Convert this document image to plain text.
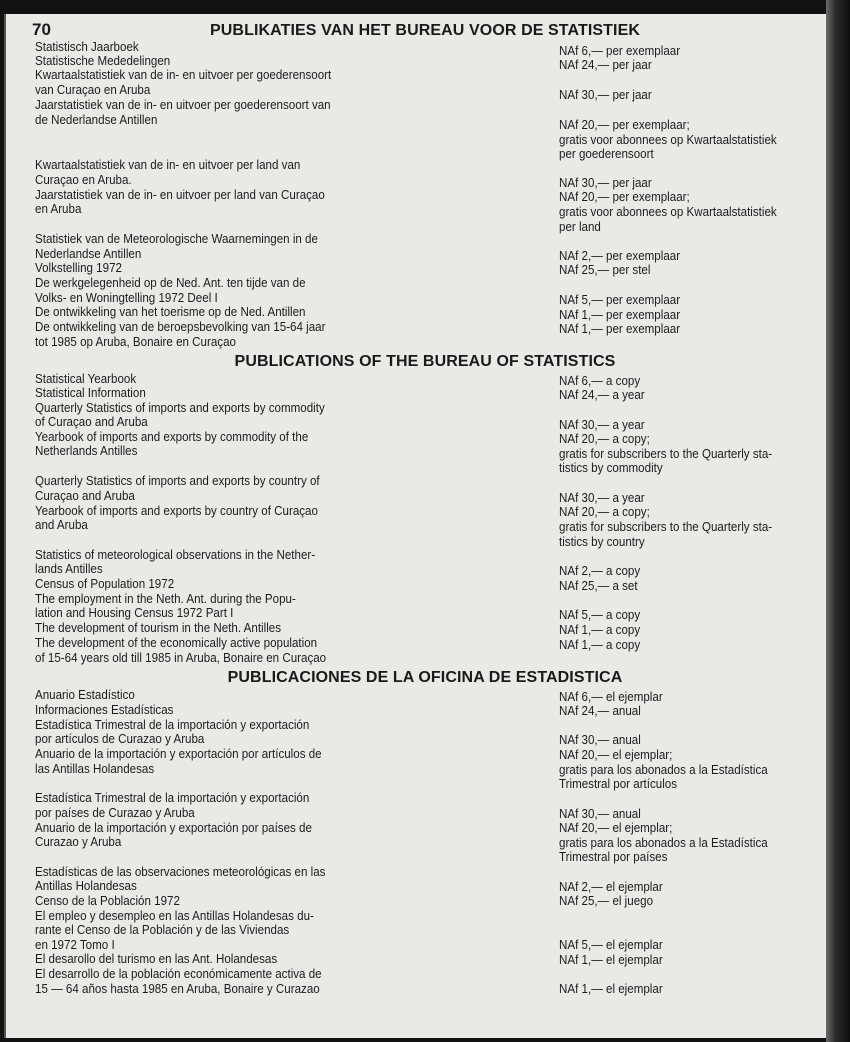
70	PUBLIKATIES VAN HET BUREAU VOOR DE STATISTIEK
PUBLICATIONS OF THE BUREAU OF STATISTICS
PUBLICACIONES DE LA OFICINA DE ESTADISTICA
Statistisch Jaarboek
Statistische Mededelingen
Kwartaalstatistiek van de in- en uitvoer per goederensoort
van Curaçao en Aruba
Jaarstatistiek van de in- en uitvoer per goederensoort van
de Nederlandse Antillen
Kwartaalstatistiek van de in- en uitvoer per land van
Curaçao en Aruba.
Jaarstatistiek van de in- en uitvoer per land van Curaçao
en Aruba
Statistiek van de Meteorologische Waarnemingen in de
Nederlandse Antillen
Volkstelling 1972
De werkgelegenheid op de Ned. Ant. ten tijde van de
Volks- en Woningtelling 1972 Deel I
De ontwikkeling van het toerisme op de Ned. Antillen
De ontwikkeling van de beroepsbevolking van 15-64 jaar
tot 1985 op Aruba, Bonaire en Curaçao
NAf 6,— per exemplaar
NAf 24,— per jaar
NAf 30,— per jaar
NAf 20,— per exemplaar;
gratis voor abonnees op Kwartaalstatistiek
per goederensoort
NAf 30,— per jaar
NAf 20,— per exemplaar;
gratis voor abonnees op Kwartaalstatistiek
per land
NAf 2,— per exemplaar
NAf 25,— per stel
NAf 5,— per exemplaar
NAf 1,— per exemplaar
NAf 1,— per exemplaar
Statistical Yearbook
Statistical Information
Quarterly Statistics of imports and exports by commodity
of Curaçao and Aruba
Yearbook of imports and exports by commodity of the
Netherlands Antilles
Quarterly Statistics of imports and exports by country of
Curaçao and Aruba
Yearbook of imports and exports by country of Curaçao
and Aruba
Statistics of meteorological observations in the Nether-
lands Antilles
Census of Population 1972
The employment in the Neth. Ant. during the Popu-
lation and Housing Census 1972 Part I
The development of tourism in the Neth. Antilles
The development of the economically active population
of 15-64 years old till 1985 in Aruba, Bonaire en Curaçao
NAf 6,— a copy
NAf 24,— a year
NAf 30,— a year
NAf 20,— a copy;
gratis for subscribers to the Quarterly sta-
tistics by commodity
NAf 30,— a year
NAf 20,— a copy;
gratis for subscribers to the Quarterly sta-
tistics by country
NAf 2,— a copy
NAf 25,— a set
NAf 5,— a copy
NAf 1,— a copy
NAf 1,— a copy
Anuario Estadístico
Informaciones Estadísticas
Estadística Trimestral de la importación y exportación
por artículos de Curazao y Aruba
Anuario de la importación y exportación por artículos de
las Antillas Holandesas
Estadística Trimestral de la importación y exportación
por países de Curazao y Aruba
Anuario de la importación y exportación por países de
Curazao y Aruba
Estadísticas de las observaciones meteorológicas en las
Antillas Holandesas
Censo de la Población 1972
El empleo y desempleo en las Antillas Holandesas du-
rante el Censo de la Población y de las Viviendas
en 1972 Tomo I
El desarollo del turismo en las Ant. Holandesas
El desarrollo de la población económicamente activa de
15 — 64 años hasta 1985 en Aruba, Bonaire y Curazao
NAf 6,— el ejemplar
NAf 24,— anual
NAf 30,— anual
NAf 20,— el ejemplar;
gratis para los abonados a la Estadística
Trimestral por artículos
NAf 30,— anual
NAf 20,— el ejemplar;
gratis para los abonados a la Estadística
Trimestral por países
NAf 2,— el ejemplar
NAf 25,— el juego
NAf 5,— el ejemplar
NAf 1,— el ejemplar
NAf 1,— el ejemplar
